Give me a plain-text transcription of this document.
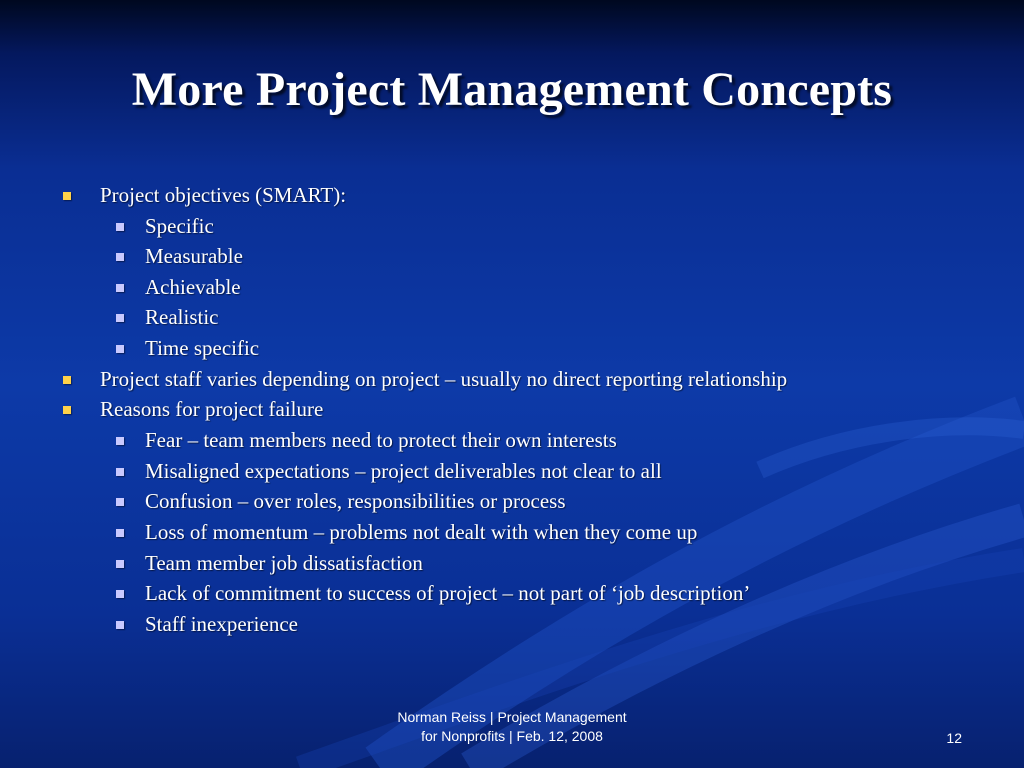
More Project Management Concepts
Project objectives (SMART):
Specific
Measurable
Achievable
Realistic
Time specific
Project staff varies depending on project – usually no direct reporting relationship
Reasons for project failure
Fear – team members need to protect their own interests
Misaligned expectations – project deliverables not clear to all
Confusion – over roles, responsibilities or process
Loss of momentum – problems not dealt with when they come up
Team member job dissatisfaction
Lack of commitment to success of project – not part of ‘job description’
Staff inexperience
Norman Reiss | Project Management
for Nonprofits | Feb. 12, 2008	12
